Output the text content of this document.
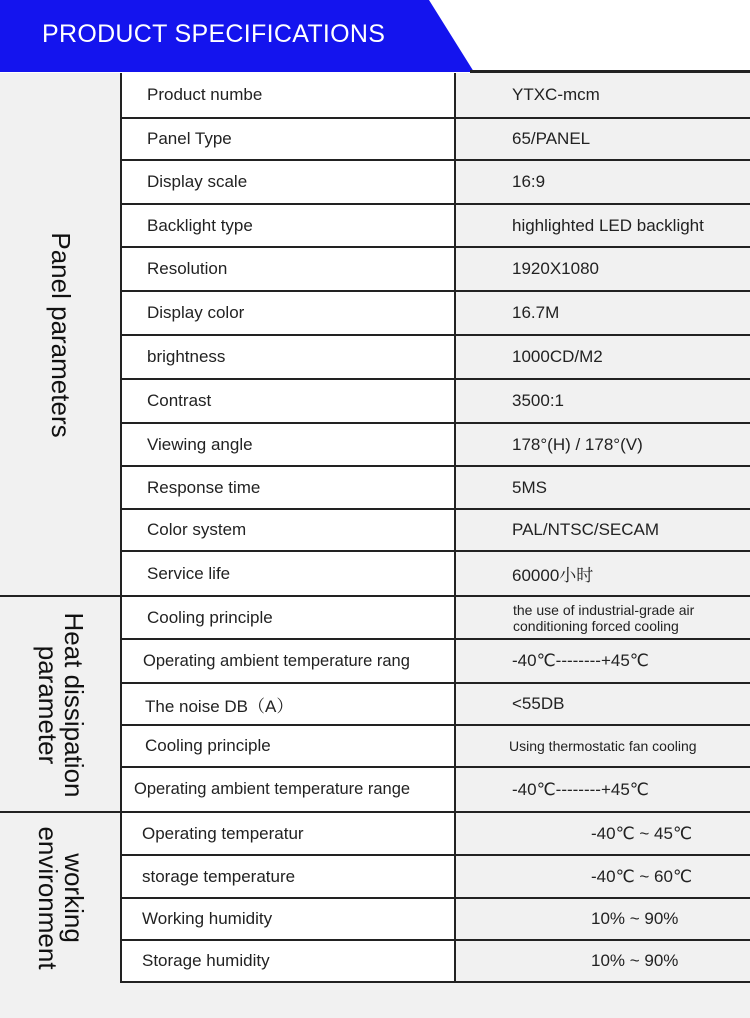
PRODUCT SPECIFICATIONS
Panel parameters
Heat dissipation
parameter
working
environment
Product numbe	YTXC-mcm
Panel Type	65/PANEL
Display scale	16:9
Backlight type	highlighted LED backlight
Resolution	1920X1080
Display color	16.7M
brightness	1000CD/M2
Contrast	3500:1
Viewing angle	178°(H) / 178°(V)
Response time	5MS
Color system	PAL/NTSC/SECAM
Service life	60000小时
Cooling principle	the use of industrial-grade air conditioning forced cooling
Operating ambient temperature rang	-40℃--------+45℃
The noise DB（A）	<55DB
Cooling principle	Using thermostatic fan cooling
Operating ambient temperature range	-40℃--------+45℃
Operating temperatur	-40℃ ~ 45℃
storage temperature	-40℃ ~ 60℃
Working humidity	10% ~ 90%
Storage humidity	10% ~ 90%
